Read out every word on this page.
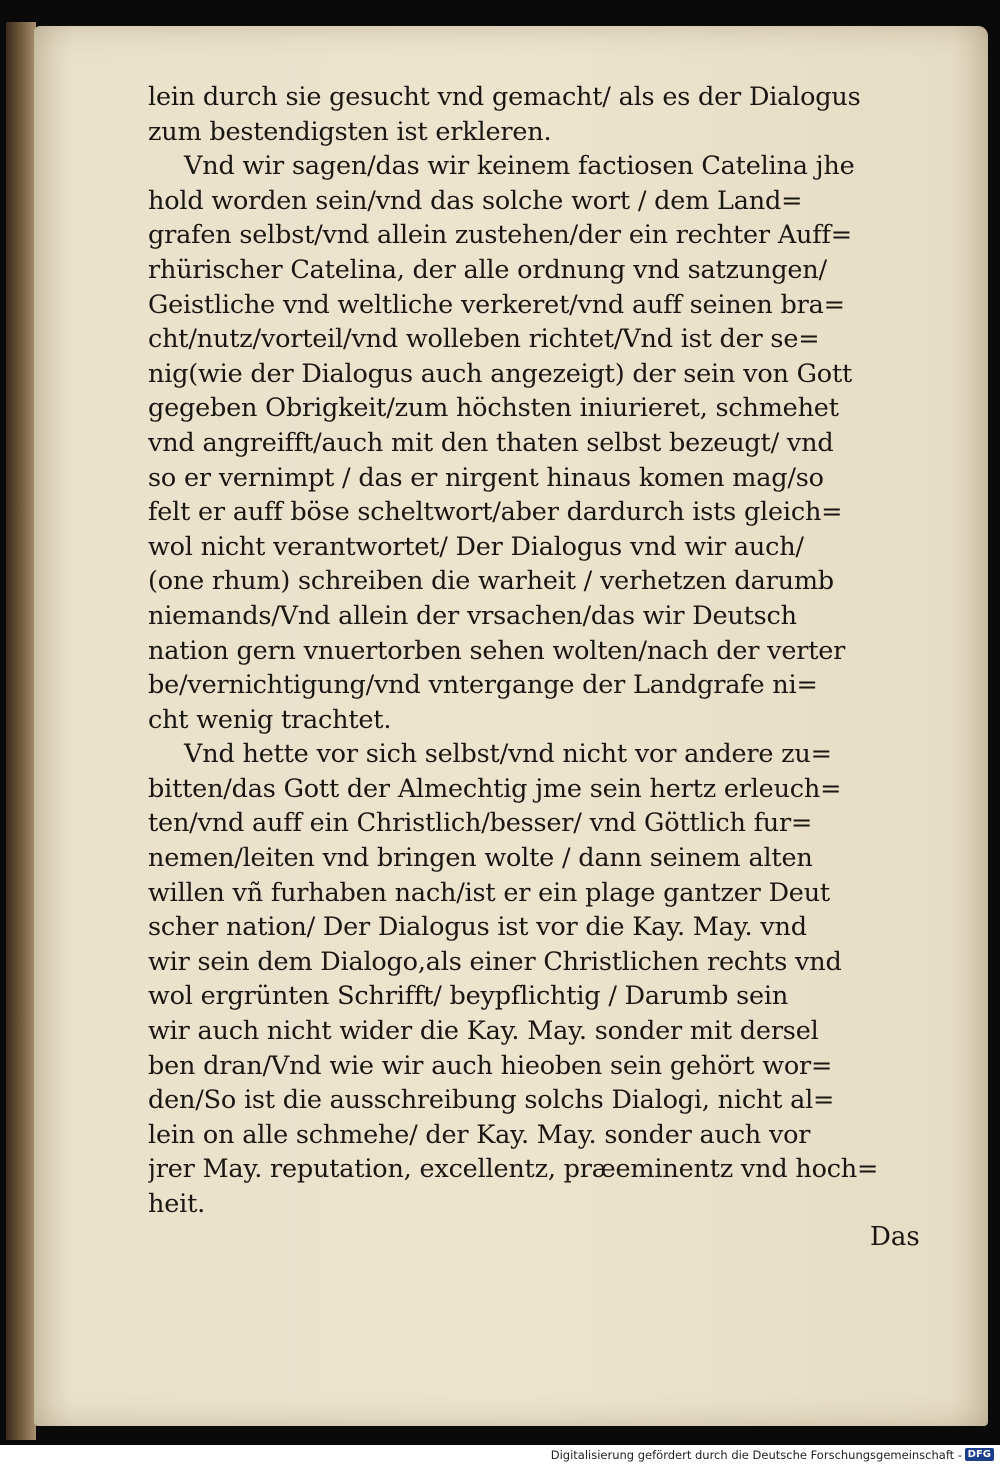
lein durch sie gesucht vnd gemacht/ als es der Dialogus
zum bestendigsten ist erkleren.
Vnd wir sagen/das wir keinem factiosen Catelina jhe
hold worden sein/vnd das solche wort / dem Land=
grafen selbst/vnd allein zustehen/der ein rechter Auff=
rhürischer Catelina, der alle ordnung vnd satzungen/
Geistliche vnd weltliche verkeret/vnd auff seinen bra=
cht/nutz/vorteil/vnd wolleben richtet/Vnd ist der se=
nig(wie der Dialogus auch angezeigt) der sein von Gott
gegeben Obrigkeit/zum höchsten iniurieret, schmehet
vnd angreifft/auch mit den thaten selbst bezeugt/ vnd
so er vernimpt / das er nirgent hinaus komen mag/so
felt er auff böse scheltwort/aber dardurch ists gleich=
wol nicht verantwortet/ Der Dialogus vnd wir auch/
(one rhum) schreiben die warheit / verhetzen darumb
niemands/Vnd allein der vrsachen/das wir Deutsch
nation gern vnuertorben sehen wolten/nach der verter
be/vernichtigung/vnd vntergange der Landgrafe ni=
cht wenig trachtet.
Vnd hette vor sich selbst/vnd nicht vor andere zu=
bitten/das Gott der Almechtig jme sein hertz erleuch=
ten/vnd auff ein Christlich/besser/ vnd Göttlich fur=
nemen/leiten vnd bringen wolte / dann seinem alten
willen vñ furhaben nach/ist er ein plage gantzer Deut
scher nation/ Der Dialogus ist vor die Kay. May. vnd
wir sein dem Dialogo,als einer Christlichen rechts vnd
wol ergrünten Schrifft/ beypflichtig / Darumb sein
wir auch nicht wider die Kay. May. sonder mit dersel
ben dran/Vnd wie wir auch hieoben sein gehört wor=
den/So ist die ausschreibung solchs Dialogi, nicht al=
lein on alle schmehe/ der Kay. May. sonder auch vor
jrer May. reputation, excellentz, præeminentz vnd hoch=
heit.
Das
Digitalisierung gefördert durch die Deutsche Forschungsgemeinschaft - DFG
